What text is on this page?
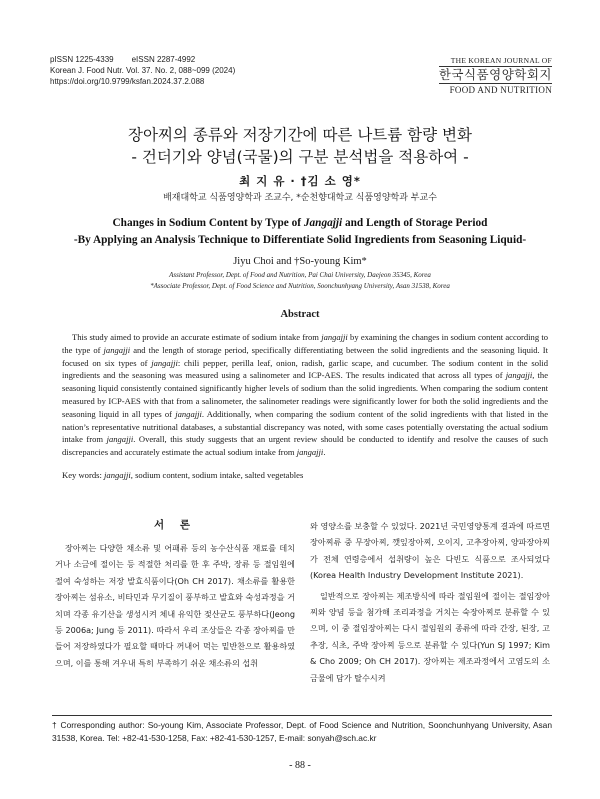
pISSN 1225-4339 eISSN 2287-4992
Korean J. Food Nutr. Vol. 37. No. 2, 088~099 (2024)
https://doi.org/10.9799/ksfan.2024.37.2.088
THE KOREAN JOURNAL OF
한국식품영양학회지
FOOD AND NUTRITION
장아찌의 종류와 저장기간에 따른 나트륨 함량 변화
- 건더기와 양념(국물)의 구분 분석법을 적용하여 -
최 지 유 · †김 소 영*
배재대학교 식품영양학과 조교수, *순천향대학교 식품영양학과 부교수
Changes in Sodium Content by Type of Jangajji and Length of Storage Period
-By Applying an Analysis Technique to Differentiate Solid Ingredients from Seasoning Liquid-
Jiyu Choi and †So-young Kim*
Assistant Professor, Dept. of Food and Nutrition, Pai Chai University, Daejeon 35345, Korea
*Associate Professor, Dept. of Food Science and Nutrition, Soonchunhyang University, Asan 31538, Korea
Abstract

This study aimed to provide an accurate estimate of sodium intake from jangajji by examining the changes in sodium content according to the type of jangajji and the length of storage period, specifically differentiating between the solid ingredients and the seasoning liquid. It focused on six types of jangajji: chili pepper, perilla leaf, onion, radish, garlic scape, and cucumber. The sodium content in the solid ingredients and the seasoning was measured using a salinometer and ICP-AES. The results indicated that across all types of jangajji, the seasoning liquid consistently contained significantly higher levels of sodium than the solid ingredients. When comparing the sodium content measured by ICP-AES with that from a salinometer, the salinometer readings were significantly lower for both the solid ingredients and the seasoning liquid in all types of jangajji. Additionally, when comparing the sodium content of the solid ingredients with that listed in the nation’s representative nutritional databases, a substantial discrepancy was noted, with some cases potentially overstating the actual sodium intake from jangajji. Overall, this study suggests that an urgent review should be conducted to identify and resolve the causes of such discrepancies and accurately estimate the actual sodium intake from jangajji.

Key words: jangajji, sodium content, sodium intake, salted vegetables
서 론

장아찌는 다양한 채소류 및 어패류 등의 농수산식품 재료를 데치거나 소금에 절이는 등 적절한 처리를 한 후 주박, 장류 등 절임원에 절여 숙성하는 저장 발효식품이다(Oh CH 2017). 채소류를 활용한 장아찌는 섬유소, 비타민과 무기질이 풍부하고 발효와 숙성과정을 거치며 각종 유기산을 생성시켜 체내 유익한 젖산균도 풍부하다(Jeong 등 2006a; Jung 등 2011). 따라서 우리 조상들은 각종 장아찌를 만들어 저장하였다가 필요할 때마다 꺼내어 먹는 밑반찬으로 활용하였으며, 이를 통해 겨우내 특히 부족하기 쉬운 채소류의 섭취

와 영양소를 보충할 수 있었다. 2021년 국민영양통계 결과에 따르면 장아찌류 중 무장아찌, 깻잎장아찌, 오이지, 고추장아찌, 양파장아찌가 전체 연령층에서 섭취량이 높은 다빈도 식품으로 조사되었다(Korea Health Industry Development Institute 2021).

일반적으로 장아찌는 제조방식에 따라 절임원에 절이는 절임장아찌와 양념 등을 첨가해 조리과정을 거치는 숙장아찌로 분류할 수 있으며, 이 중 절임장아찌는 다시 절임원의 종류에 따라 간장, 된장, 고추장, 식초, 주박 장아찌 등으로 분류할 수 있다(Yun SJ 1997; Kim & Cho 2009; Oh CH 2017). 장아찌는 제조과정에서 고염도의 소금물에 담가 탈수시켜

† Corresponding author: So-young Kim, Associate Professor, Dept. of Food Science and Nutrition, Soonchunhyang University, Asan 31538, Korea. Tel: +82-41-530-1258, Fax: +82-41-530-1257, E-mail: sonyah@sch.ac.kr
- 88 -
